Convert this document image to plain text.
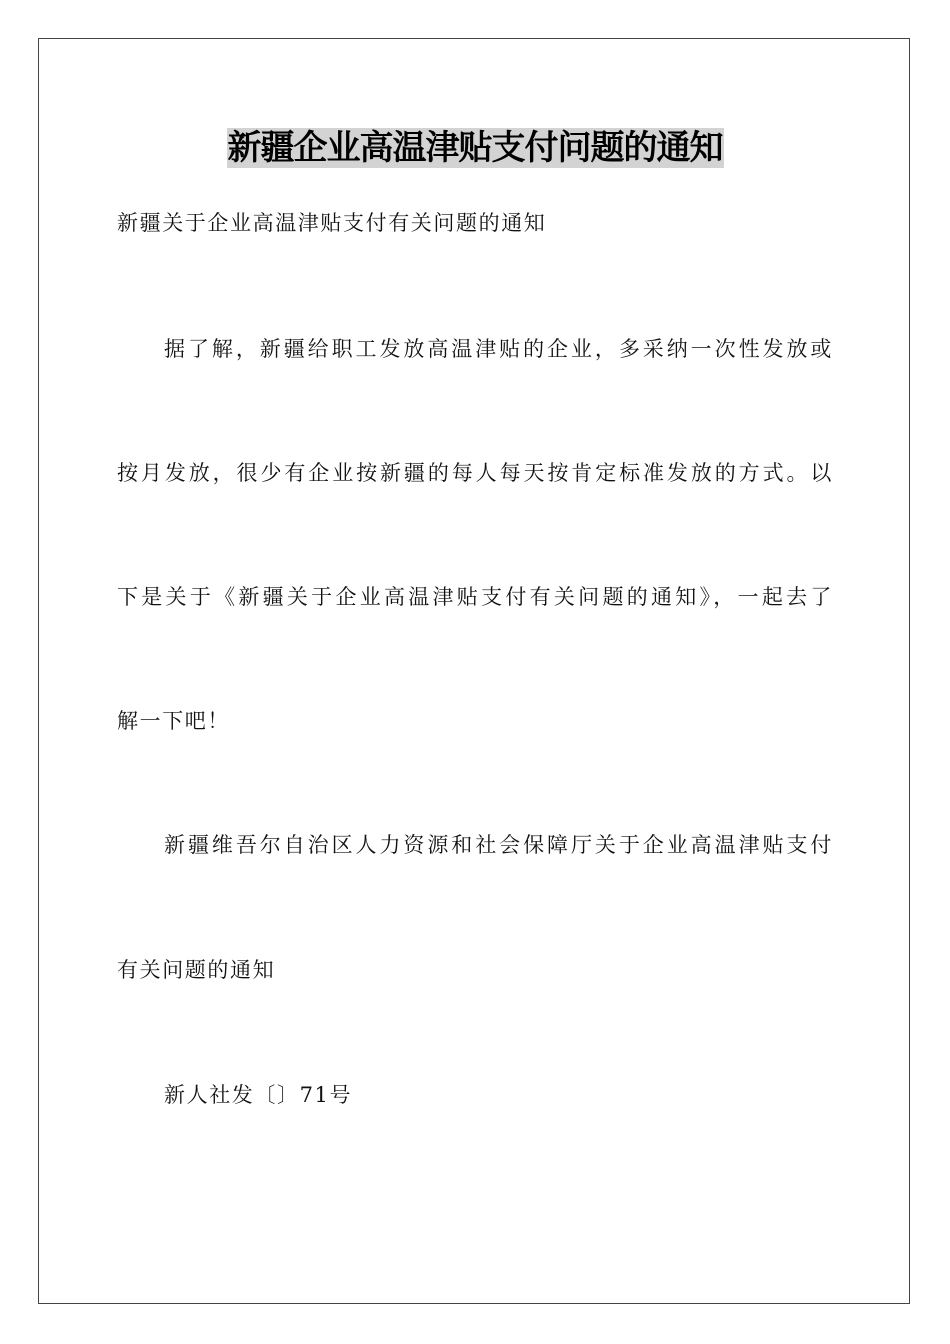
新疆企业高温津贴支付问题的通知
新疆关于企业高温津贴支付有关问题的通知
据了解，新疆给职工发放高温津贴的企业，多采纳一次性发放或
按月发放，很少有企业按新疆的每人每天按肯定标准发放的方式。以
下是关于《新疆关于企业高温津贴支付有关问题的通知》，一起去了
解一下吧！
新疆维吾尔自治区人力资源和社会保障厅关于企业高温津贴支付
有关问题的通知
新人社发〔〕71号
